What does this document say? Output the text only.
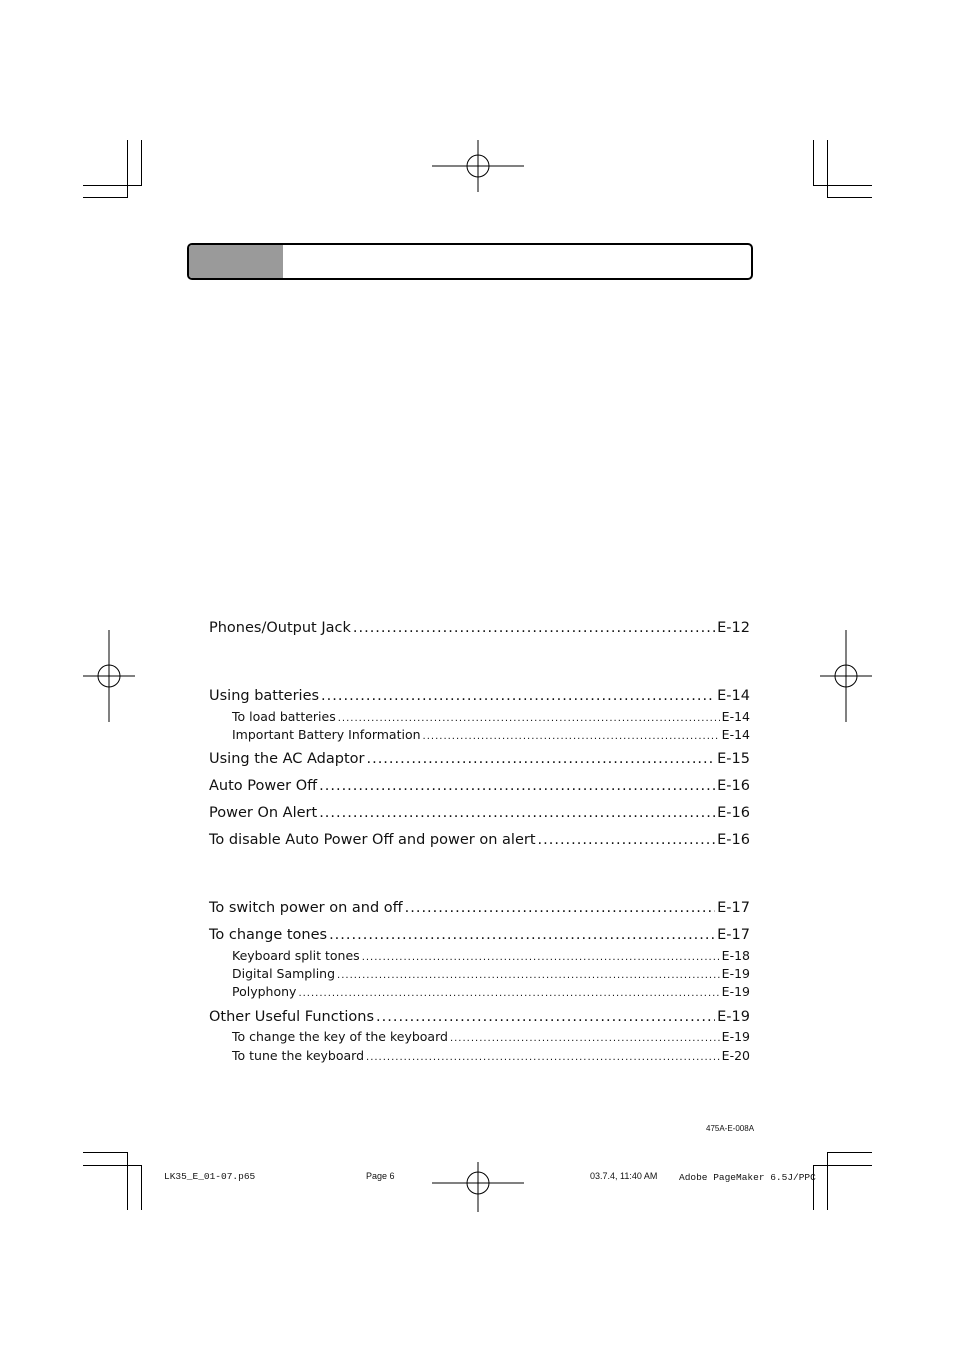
Phones/Output Jack .....	E-12
Using batteries .....	E-14
To load batteries .....	E-14
Important Battery Information .....	E-14
Using the AC Adaptor .....	E-15
Auto Power Off .....	E-16
Power On Alert .....	E-16
To disable Auto Power Off and power on alert .....	E-16
To switch power on and off .....	E-17
To change tones .....	E-17
Keyboard split tones .....	E-18
Digital Sampling .....	E-19
Polyphony .....	E-19
Other Useful Functions .....	E-19
To change the key of the keyboard .....	E-19
To tune the keyboard .....	E-20
475A-E-008A
LK35_E_01-07.p65	Page 6	03.7.4, 11:40 AM Adobe PageMaker 6.5J/PPC
